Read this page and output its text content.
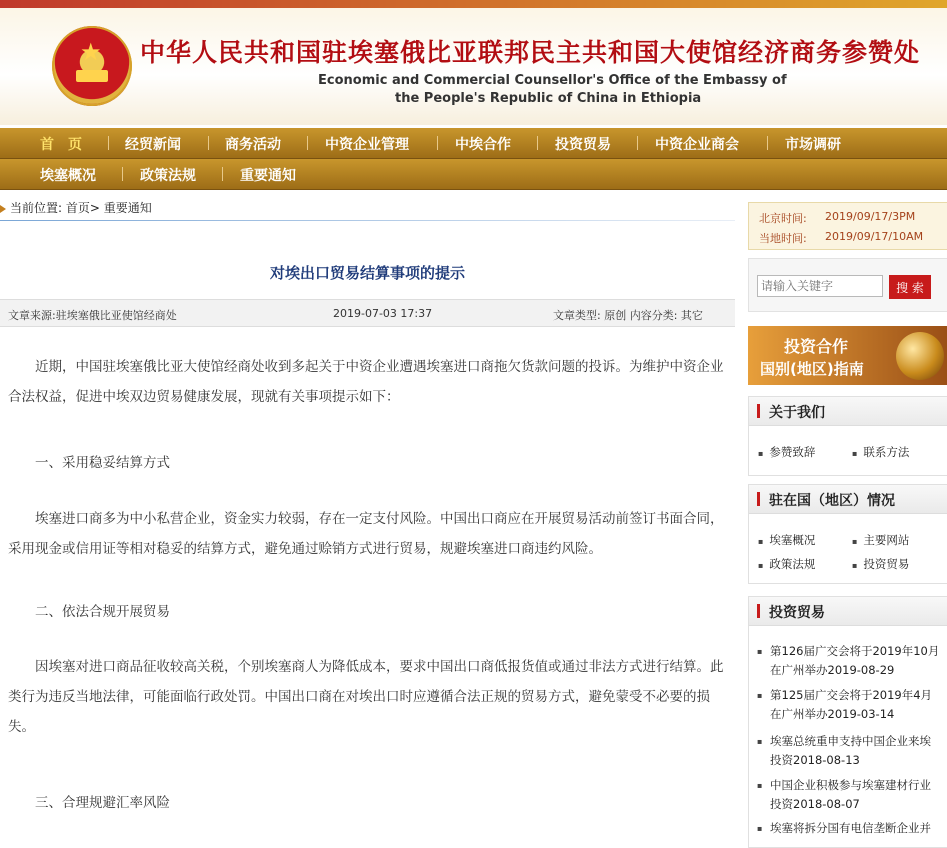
★ 中华人民共和国驻埃塞俄比亚联邦民主共和国大使馆经济商务参赞处
Economic and Commercial Counsellor's Office of the Embassy of
the People's Republic of China in Ethiopia
首　页	经贸新闻	商务活动	中资企业管理	中埃合作	投资贸易	中资企业商会	市场调研
埃塞概况	政策法规	重要通知
当前位置: 首页> 重要通知
对埃出口贸易结算事项的提示
文章来源:驻埃塞俄比亚使馆经商处	2019-07-03 17:37	文章类型: 原创 内容分类: 其它
　　近期，中国驻埃塞俄比亚大使馆经商处收到多起关于中资企业遭遇埃塞进口商拖欠货款问题的投诉。为维护中资企业合法权益，促进中埃双边贸易健康发展，现就有关事项提示如下：
　　一、采用稳妥结算方式
　　埃塞进口商多为中小私营企业，资金实力较弱，存在一定支付风险。中国出口商应在开展贸易活动前签订书面合同，采用现金或信用证等相对稳妥的结算方式，避免通过赊销方式进行贸易，规避埃塞进口商违约风险。
　　二、依法合规开展贸易
　　因埃塞对进口商品征收较高关税，个别埃塞商人为降低成本，要求中国出口商低报货值或通过非法方式进行结算。此类行为违反当地法律，可能面临行政处罚。中国出口商在对埃出口时应遵循合法正规的贸易方式，避免蒙受不必要的损失。
　　三、合理规避汇率风险
北京时间: 2019/09/17/3PM
当地时间: 2019/09/17/10AM
请输入关键字
搜 索
投资合作
国别(地区)指南
关于我们
▪ 参赞致辞	▪ 联系方法
驻在国（地区）情况
▪ 埃塞概况	▪ 主要网站
▪ 政策法规	▪ 投资贸易
投资贸易
▪ 第126届广交会将于2019年10月在广州举办2019-08-29
▪ 第125届广交会将于2019年4月在广州举办2019-03-14
▪ 埃塞总统重申支持中国企业来埃投资2018-08-13
▪ 中国企业积极参与埃塞建材行业投资2018-08-07
▪ 埃塞将拆分国有电信垄断企业并
